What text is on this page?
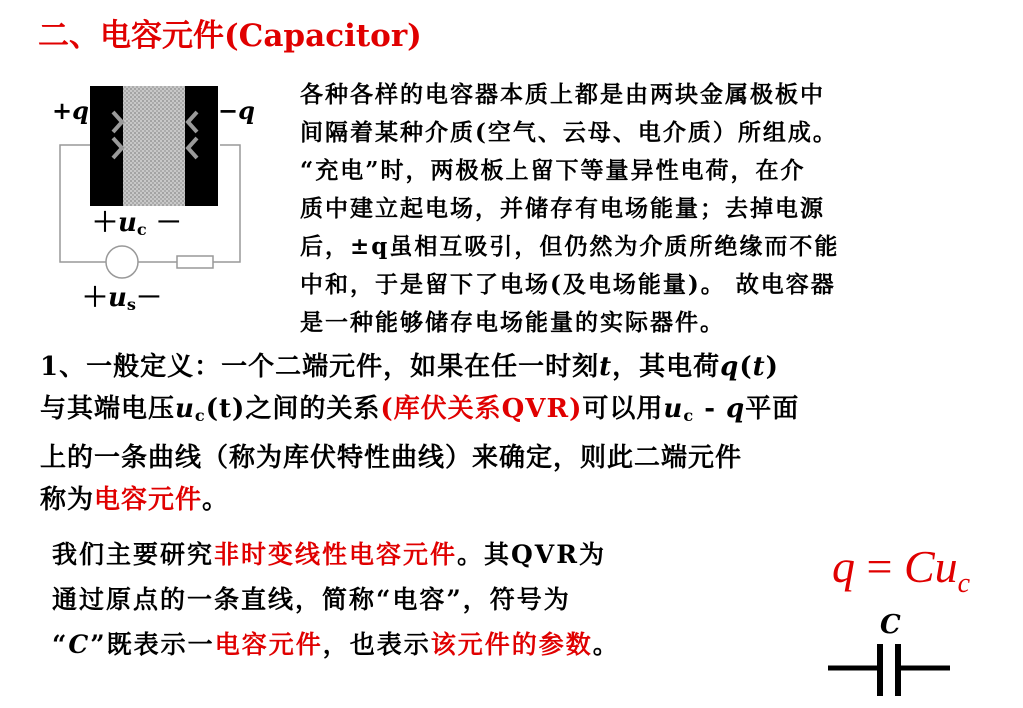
二、电容元件(Capacitor)
+q	−q
$+u_c$ －
$+u_s-$
各种各样的电容器本质上都是由两块金属极板中
间隔着某种介质(空气、云母、电介质）所组成。
“充电”时，两极板上留下等量异性电荷，在介
质中建立起电场，并储存有电场能量；去掉电源
后，±q虽相互吸引，但仍然为介质所绝缘而不能
中和，于是留下了电场(及电场能量)。 故电容器
是一种能够储存电场能量的实际器件。
1、一般定义：一个二端元件，如果在任一时刻t，其电荷q(t)
与其端电压$u_c(t)$之间的关系(库伏关系QVR)可以用$u_c$ - q平面
上的一条曲线（称为库伏特性曲线）来确定，则此二端元件
称为电容元件。
我们主要研究非时变线性电容元件。其QVR为
通过原点的一条直线，简称“电容”，符号为
“C”既表示一电容元件，也表示该元件的参数。
$q = Cu_c$
C
